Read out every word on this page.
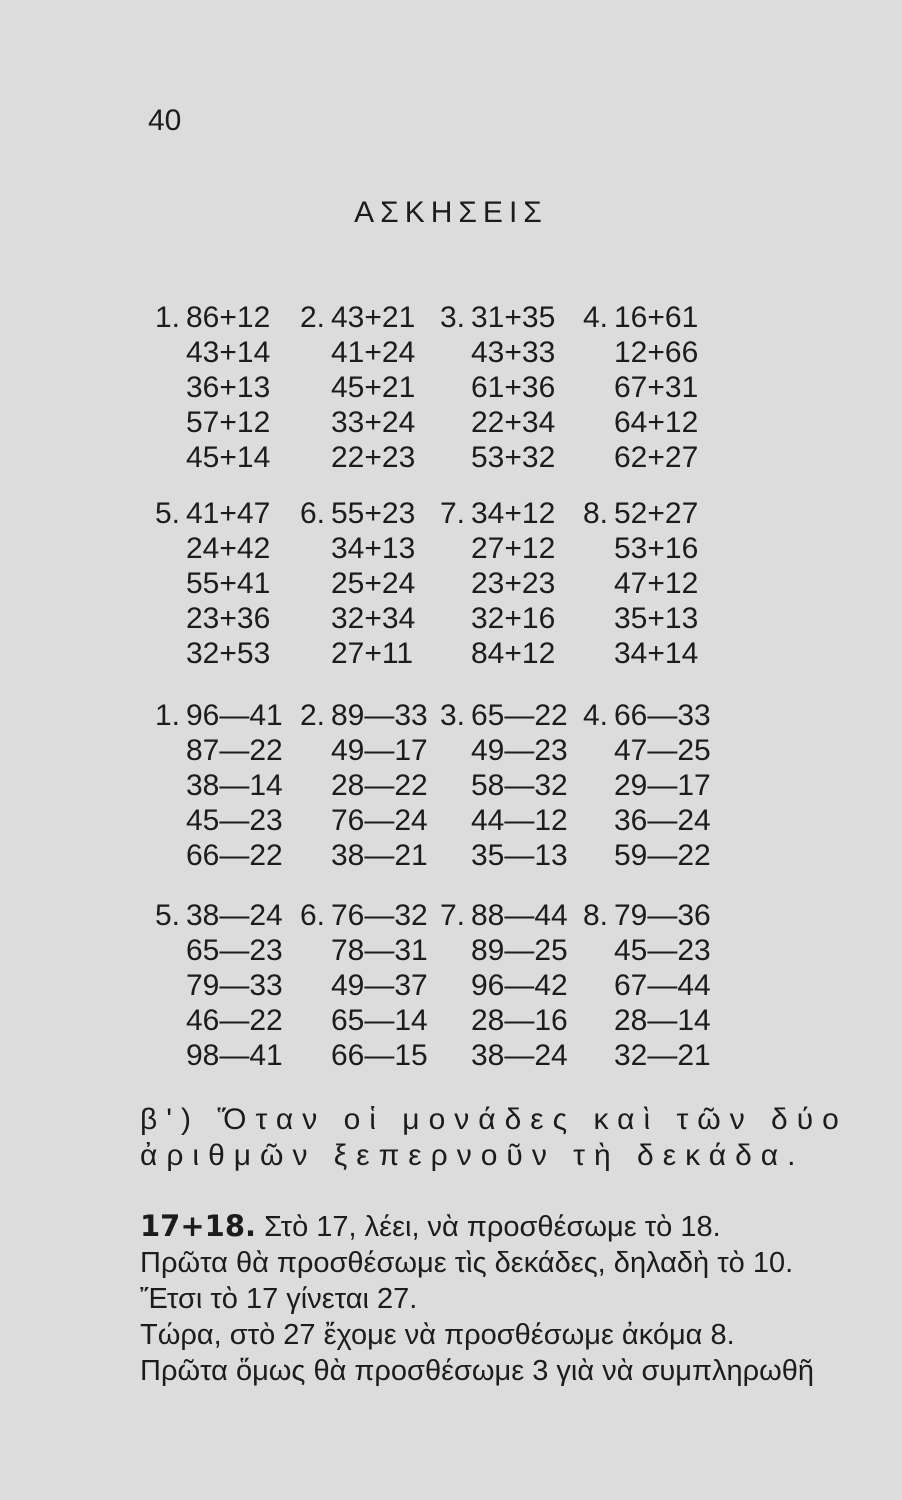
40
ΑΣΚΗΣΕΙΣ
1. 86+12
43+14
36+13
57+12
45+14
2. 43+21
41+24
45+21
33+24
22+23
3. 31+35
43+33
61+36
22+34
53+32
4. 16+61
12+66
67+31
64+12
62+27
5. 41+47
24+42
55+41
23+36
32+53
6. 55+23
34+13
25+24
32+34
27+11
7. 34+12
27+12
23+23
32+16
84+12
8. 52+27
53+16
47+12
35+13
34+14
1. 96—41
87—22
38—14
45—23
66—22
2. 89—33
49—17
28—22
76—24
38—21
3. 65—22
49—23
58—32
44—12
35—13
4. 66—33
47—25
29—17
36—24
59—22
5. 38—24
65—23
79—33
46—22
98—41
6. 76—32
78—31
49—37
65—14
66—15
7. 88—44
89—25
96—42
28—16
38—24
8. 79—36
45—23
67—44
28—14
32—21
β') Ὅταν οἱ μονάδες καὶ τῶν δύο
ἀριθμῶν ξεπερνοῦν τὴ δεκάδα.
17+18. Στὸ 17, λέει, νὰ προσθέσωμε τὸ 18.
Πρῶτα θὰ προσθέσωμε τὶς δεκάδες, δηλαδὴ τὸ 10.
Ἔτσι τὸ 17 γίνεται 27.
Τώρα, στὸ 27 ἔχομε νὰ προσθέσωμε ἀκόμα 8.
Πρῶτα ὅμως θὰ προσθέσωμε 3 γιὰ νὰ συμπληρωθῆ
